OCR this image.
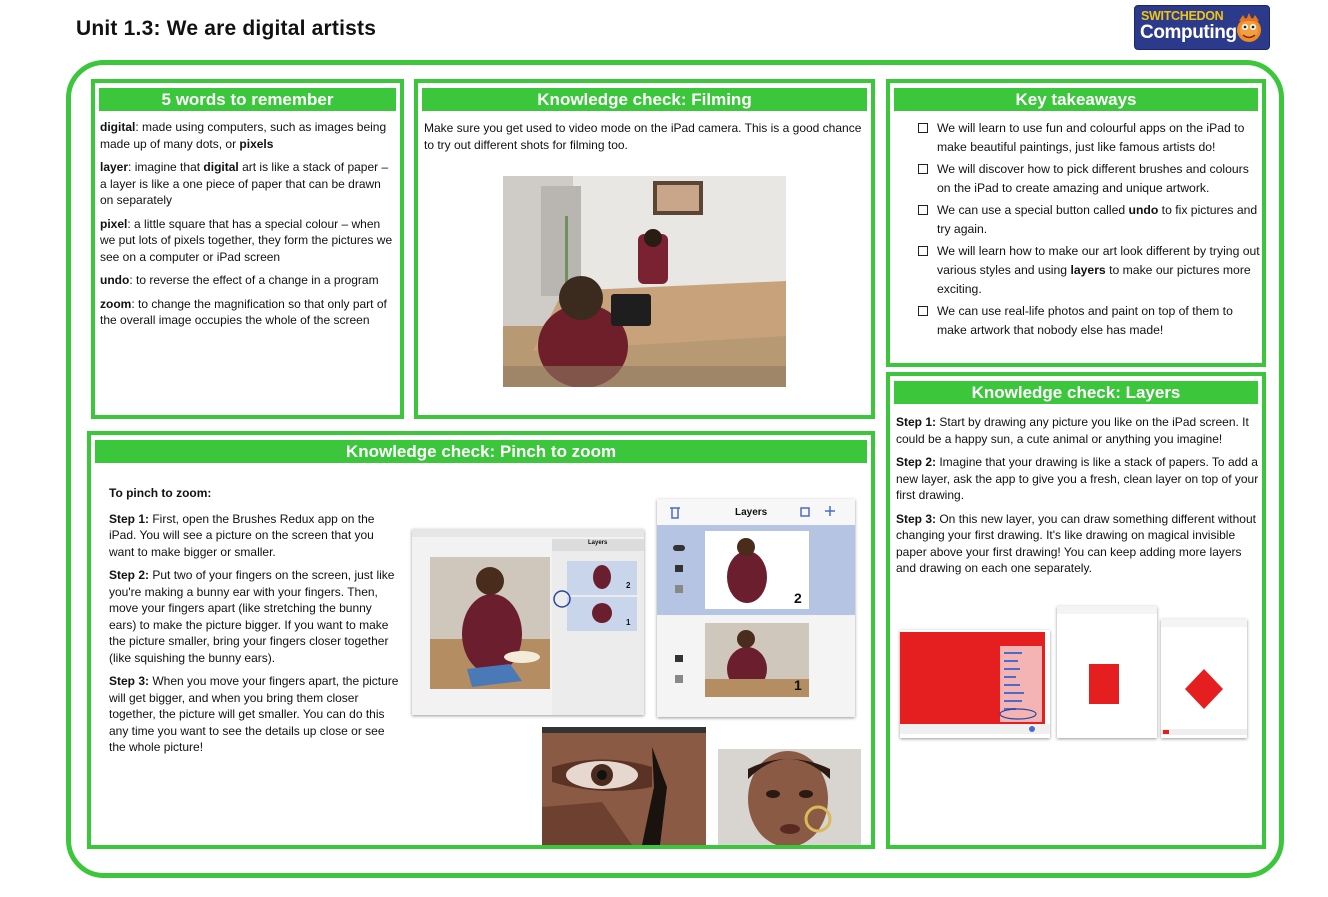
Unit 1.3: We are digital artists
SWITCHEDON
Computing
5 words to remember

digital: made using computers, such as images being made up of many dots, or pixels

layer: imagine that digital art is like a stack of paper – a layer is like a one piece of paper that can be drawn on separately

pixel: a little square that has a special colour – when we put lots of pixels together, they form the pictures we see on a computer or iPad screen

undo: to reverse the effect of a change in a program

zoom: to change the magnification so that only part of the overall image occupies the whole of the screen

Knowledge check: Filming
Make sure you get used to video mode on the iPad camera. This is a good chance to try out different shots for filming too.
Key takeaways
We will learn to use fun and colourful apps on the iPad to make beautiful paintings, just like famous artists do!
We will discover how to pick different brushes and colours on the iPad to create amazing and unique artwork.
We can use a special button called undo to fix pictures and try again.
We will learn how to make our art look different by trying out various styles and using layers to make our pictures more exciting.
We can use real-life photos and paint on top of them to make artwork that nobody else has made!
Knowledge check: Pinch to zoom

To pinch to zoom:

Step 1: First, open the Brushes Redux app on the iPad. You will see a picture on the screen that you want to make bigger or smaller.

Step 2: Put two of your fingers on the screen, just like you're making a bunny ear with your fingers. Then, move your fingers apart (like stretching the bunny ears) to make the picture bigger. If you want to make the picture smaller, bring your fingers closer together (like squishing the bunny ears).

Step 3: When you move your fingers apart, the picture will get bigger, and when you bring them closer together, the picture will get smaller. You can do this any time you want to see the details up close or see the whole picture!

Layers
2
1
Layers
2
1
Knowledge check: Layers

Step 1: Start by drawing any picture you like on the iPad screen. It could be a happy sun, a cute animal or anything you imagine!

Step 2: Imagine that your drawing is like a stack of papers. To add a new layer, ask the app to give you a fresh, clean layer on top of your first drawing.

Step 3: On this new layer, you can draw something different without changing your first drawing. It's like drawing on magical invisible paper above your first drawing! You can keep adding more layers and drawing on each one separately.
